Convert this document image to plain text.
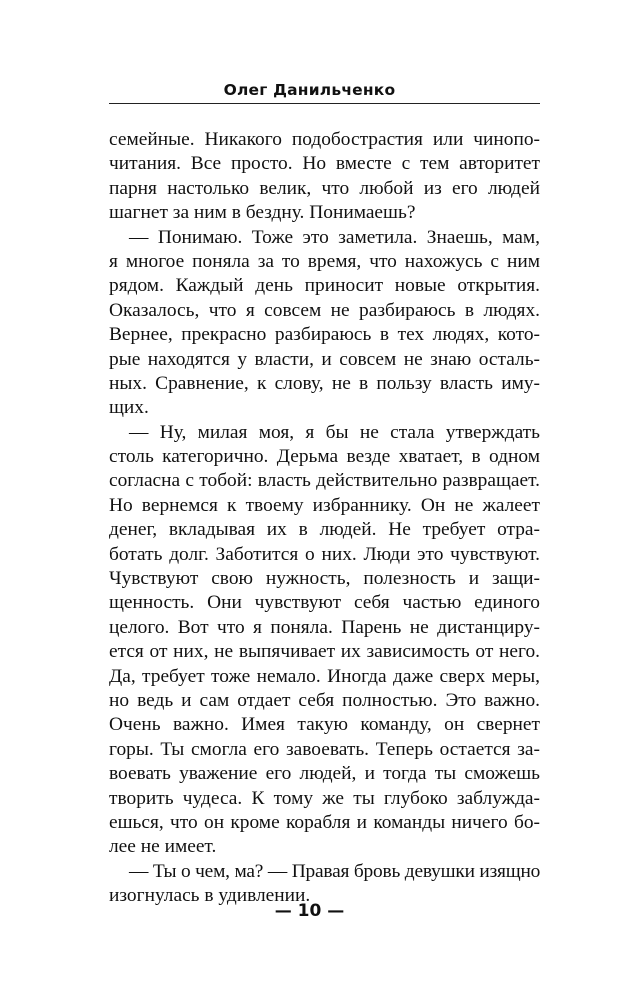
Олег Данильченко
семейные. Никакого подобострастия или чинопо-
читания. Все просто. Но вместе с тем авторитет
парня настолько велик, что любой из его людей
шагнет за ним в бездну. Понимаешь?
— Понимаю. Тоже это заметила. Знаешь, мам,
я многое поняла за то время, что нахожусь с ним
рядом. Каждый день приносит новые открытия.
Оказалось, что я совсем не разбираюсь в людях.
Вернее, прекрасно разбираюсь в тех людях, кото-
рые находятся у власти, и совсем не знаю осталь-
ных. Сравнение, к слову, не в пользу власть иму-
щих.
— Ну, милая моя, я бы не стала утверждать
столь категорично. Дерьма везде хватает, в одном
согласна с тобой: власть действительно развращает.
Но вернемся к твоему избраннику. Он не жалеет
денег, вкладывая их в людей. Не требует отра-
ботать долг. Заботится о них. Люди это чувствуют.
Чувствуют свою нужность, полезность и защи-
щенность. Они чувствуют себя частью единого
целого. Вот что я поняла. Парень не дистанциру-
ется от них, не выпячивает их зависимость от него.
Да, требует тоже немало. Иногда даже сверх меры,
но ведь и сам отдает себя полностью. Это важно.
Очень важно. Имея такую команду, он свернет
горы. Ты смогла его завоевать. Теперь остается за-
воевать уважение его людей, и тогда ты сможешь
творить чудеса. К тому же ты глубоко заблужда-
ешься, что он кроме корабля и команды ничего бо-
лее не имеет.
— Ты о чем, ма? — Правая бровь девушки изящно
изогнулась в удивлении.
— 10 —
